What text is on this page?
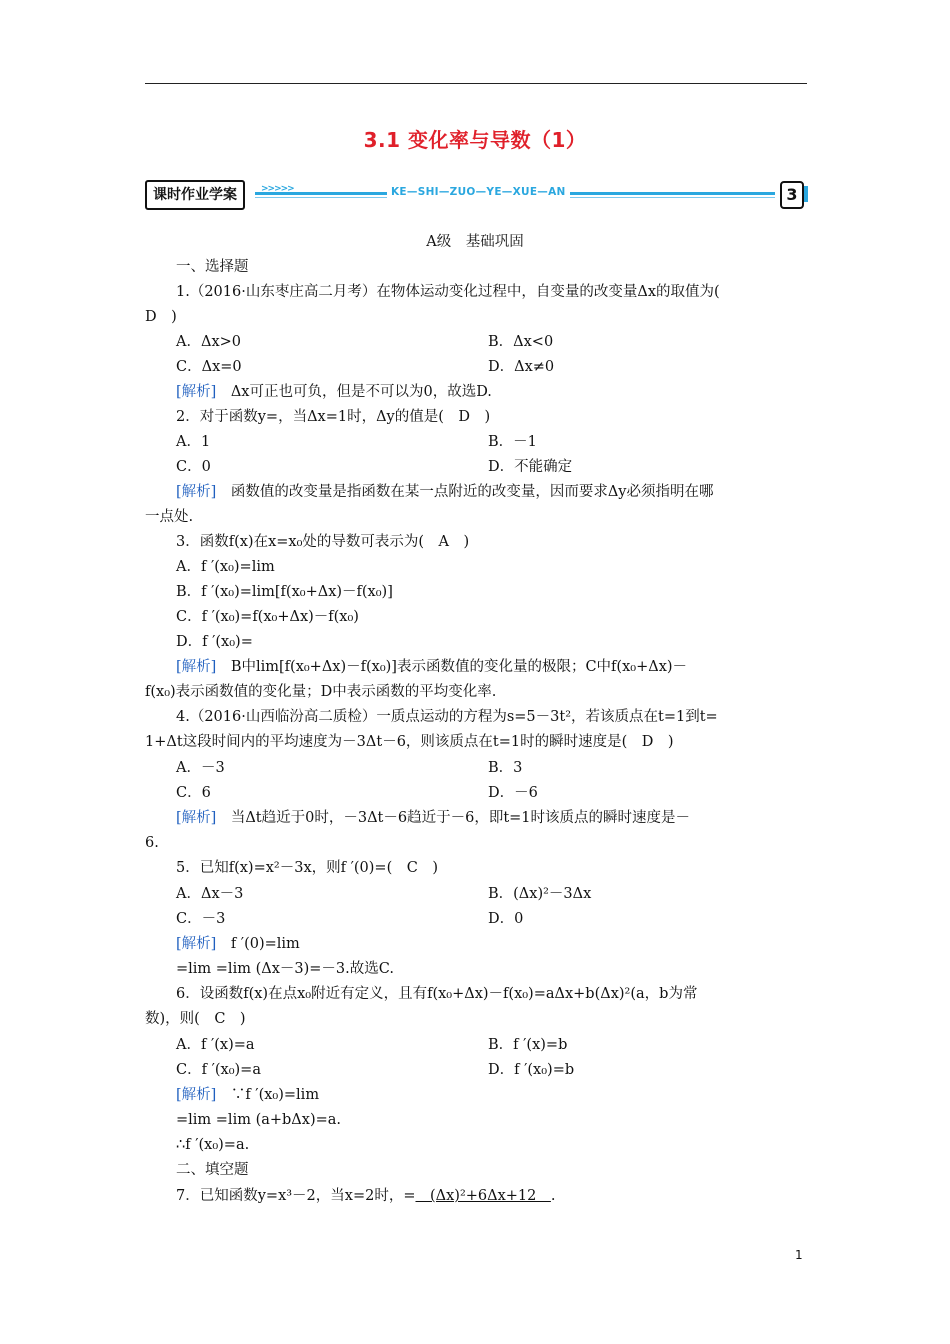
3.1 变化率与导数（1）
课时作业学案	>>>>>	KE—SHI—ZUO—YE—XUE—AN	3
A级　基础巩固
一、选择题
1.（2016·山东枣庄高二月考）在物体运动变化过程中，自变量的改变量Δx的取值为(
D　)
A．Δx>0	B．Δx<0
C．Δx=0	D．Δx≠0
[解析]　 Δx可正也可负，但是不可以为0，故选D.
2．对于函数y=，当Δx=1时，Δy的值是(　D　)
A．1	B．－1
C．0	D．不能确定
[解析]　 函数值的改变量是指函数在某一点附近的改变量，因而要求Δy必须指明在哪
一点处.
3．函数f(x)在x=x₀处的导数可表示为(　A　)
A．f ′(x₀)=lim
B．f ′(x₀)=lim[f(x₀+Δx)－f(x₀)]
C．f ′(x₀)=f(x₀+Δx)－f(x₀)
D．f ′(x₀)=
[解析]　 B中lim[f(x₀+Δx)－f(x₀)]表示函数值的变化量的极限；C中f(x₀+Δx)－
f(x₀)表示函数值的变化量；D中表示函数的平均变化率.
4.（2016·山西临汾高二质检）一质点运动的方程为s=5－3t²，若该质点在t=1到t=
1+Δt这段时间内的平均速度为－3Δt－6，则该质点在t=1时的瞬时速度是(　D　)
A．－3	B．3
C．6	D．－6
[解析]　 当Δt趋近于0时，－3Δt－6趋近于－6，即t=1时该质点的瞬时速度是－
6.
5．已知f(x)=x²－3x，则f ′(0)=(　C　)
A．Δx－3	B．(Δx)²－3Δx
C．－3	D．0
[解析]　 f ′(0)=lim
=lim =lim (Δx－3)=－3.故选C.
6．设函数f(x)在点x₀附近有定义，且有f(x₀+Δx)－f(x₀)=aΔx+b(Δx)²(a，b为常
数)，则(　C　)
A．f ′(x)=a	B．f ′(x)=b
C．f ′(x₀)=a	D．f ′(x₀)=b
[解析]　 ∵f ′(x₀)=lim
=lim =lim (a+bΔx)=a.
∴f ′(x₀)=a.
二、填空题
7．已知函数y=x³－2，当x=2时，=　(Δx)²+6Δx+12　.
1
